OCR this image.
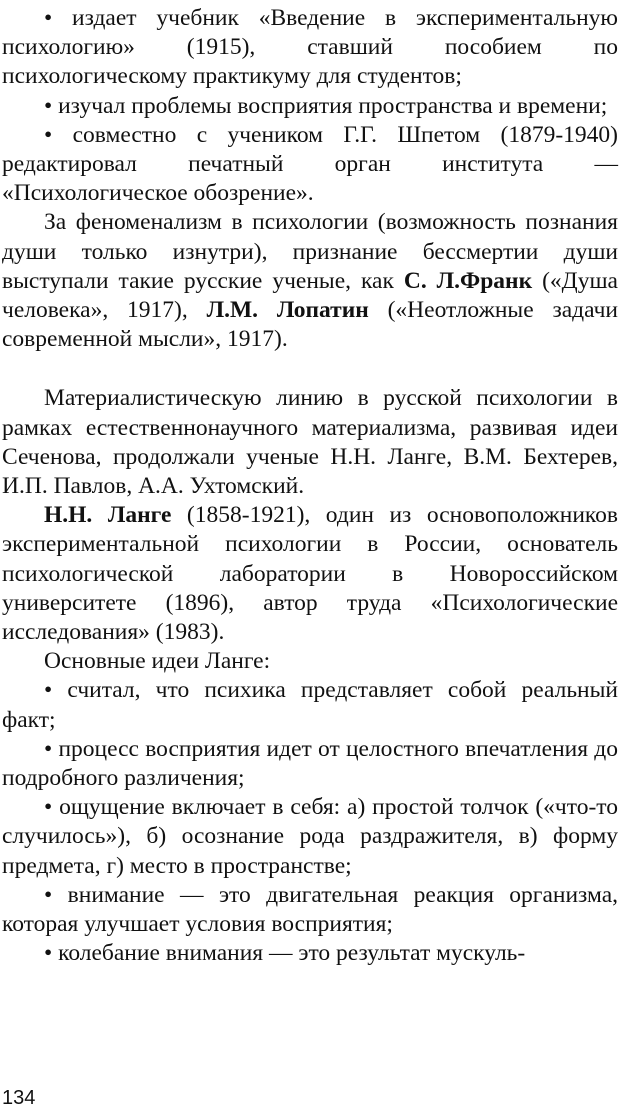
• издает учебник «Введение в экспериментальную психологию» (1915), ставший пособием по психологическому практикуму для студентов;

• изучал проблемы восприятия пространства и времени;

• совместно с учеником Г.Г. Шпетом (1879-1940) редактировал печатный орган института — «Психологическое обозрение».

За феноменализм в психологии (возможность познания души только изнутри), признание бессмертии души выступали такие русские ученые, как С. Л.Франк («Душа человека», 1917), Л.М. Лопатин («Неотложные задачи современной мысли», 1917).

Материалистическую линию в русской психологии в рамках естественнонаучного материализма, развивая идеи Сеченова, продолжали ученые Н.Н. Ланге, В.М. Бехтерев, И.П. Павлов, А.А. Ухтомский.

Н.Н. Ланге (1858-1921), один из основоположников экспериментальной психологии в России, основатель психологической лаборатории в Новороссийском университете (1896), автор труда «Психологические исследования» (1983).

Основные идеи Ланге:

• считал, что психика представляет собой реальный факт;

• процесс восприятия идет от целостного впечатления до подробного различения;

• ощущение включает в себя: а) простой толчок («что-то случилось»), б) осознание рода раздражителя, в) форму предмета, г) место в пространстве;

• внимание — это двигательная реакция организма, которая улучшает условия восприятия;

• колебание внимания — это результат мускуль-

134
